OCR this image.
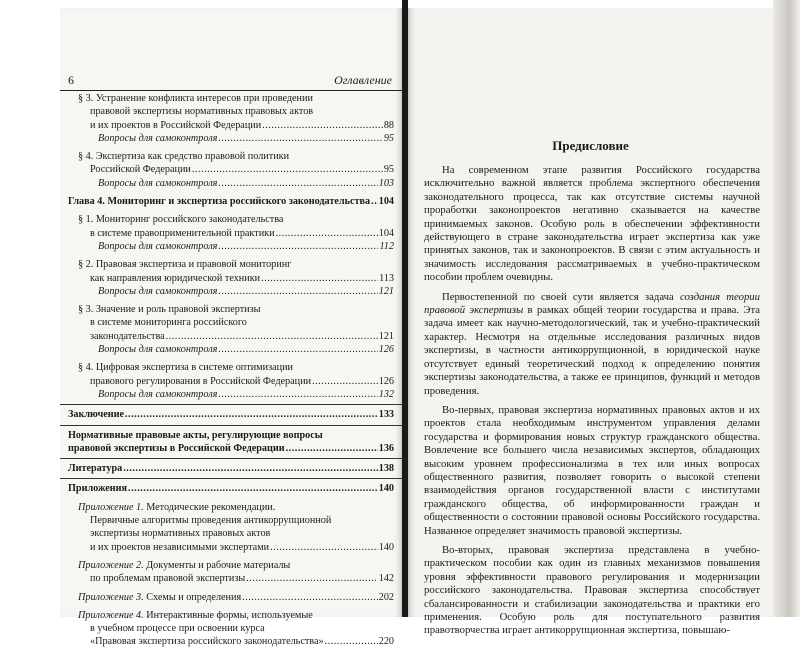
6	Оглавление
§ 3. Устранение конфликта интересов при проведении
правовой экспертизы нормативных правовых актов
и их проектов в Российской Федерации .....	88
Вопросы для самоконтроля .....	95
§ 4. Экспертиза как средство правовой политики
Российской Федерации .....	95
Вопросы для самоконтроля .....	103
Глава 4. Мониторинг и экспертиза российского законодательства ..... 104
§ 1. Мониторинг российского законодательства
в системе правоприменительной практики .....	104
Вопросы для самоконтроля .....	112
§ 2. Правовая экспертиза и правовой мониторинг
как направления юридической техники .....	113
Вопросы для самоконтроля .....	121
§ 3. Значение и роль правовой экспертизы
в системе мониторинга российского
законодательства .....	121
Вопросы для самоконтроля .....	126
§ 4. Цифровая экспертиза в системе оптимизации
правового регулирования в Российской Федерации .....	126
Вопросы для самоконтроля .....	132
Заключение .....	133
Нормативные правовые акты, регулирующие вопросы
правовой экспертизы в Российской Федерации .....	136
Литература .....	138
Приложения .....	140
Приложение 1. Методические рекомендации.
Первичные алгоритмы проведения антикоррупционной
экспертизы нормативных правовых актов
и их проектов независимыми экспертами .....	140
Приложение 2. Документы и рабочие материалы
по проблемам правовой экспертизы .....	142
Приложение 3. Схемы и определения .....	202
Приложение 4. Интерактивные формы, используемые
в учебном процессе при освоении курса
«Правовая экспертиза российского законодательства» .....	220
Предисловие

На современном этапе развития Российского государства исключительно важной является проблема экспертного обеспечения законодательного процесса, так как отсутствие системы научной проработки законопроектов негативно сказывается на качестве принимаемых законов. Особую роль в обеспечении эффективности действующего в стране законодательства играет экспертиза как уже принятых законов, так и законопроектов. В связи с этим актуальность и значимость исследования рассматриваемых в учебно-практическом пособии проблем очевидны.

Первостепенной по своей сути является задача создания теории правовой экспертизы в рамках общей теории государства и права. Эта задача имеет как научно-методологический, так и учебно-практический характер. Несмотря на отдельные исследования различных видов экспертизы, в частности антикоррупционной, в юридической науке отсутствует единый теоретический подход к определению понятия экспертизы законодательства, а также ее принципов, функций и методов проведения.

Во-первых, правовая экспертиза нормативных правовых актов и их проектов стала необходимым инструментом управления делами государства и формирования новых структур гражданского общества. Вовлечение все большего числа независимых экспертов, обладающих высоким уровнем профессионализма в тех или иных вопросах общественного развития, позволяет говорить о высокой степени взаимодействия органов государственной власти с институтами гражданского общества, об информированности граждан и общественности о состоянии правовой основы Российского государства. Названное определяет значимость правовой экспертизы.

Во-вторых, правовая экспертиза представлена в учебно-практическом пособии как один из главных механизмов повышения уровня эффективности правового регулирования и модернизации российского законодательства. Правовая экспертиза способствует сбалансированности и стабилизации законодательства и практики его применения. Особую роль для поступательного развития правотворчества играет антикоррупционная экспертиза, повышаю-
